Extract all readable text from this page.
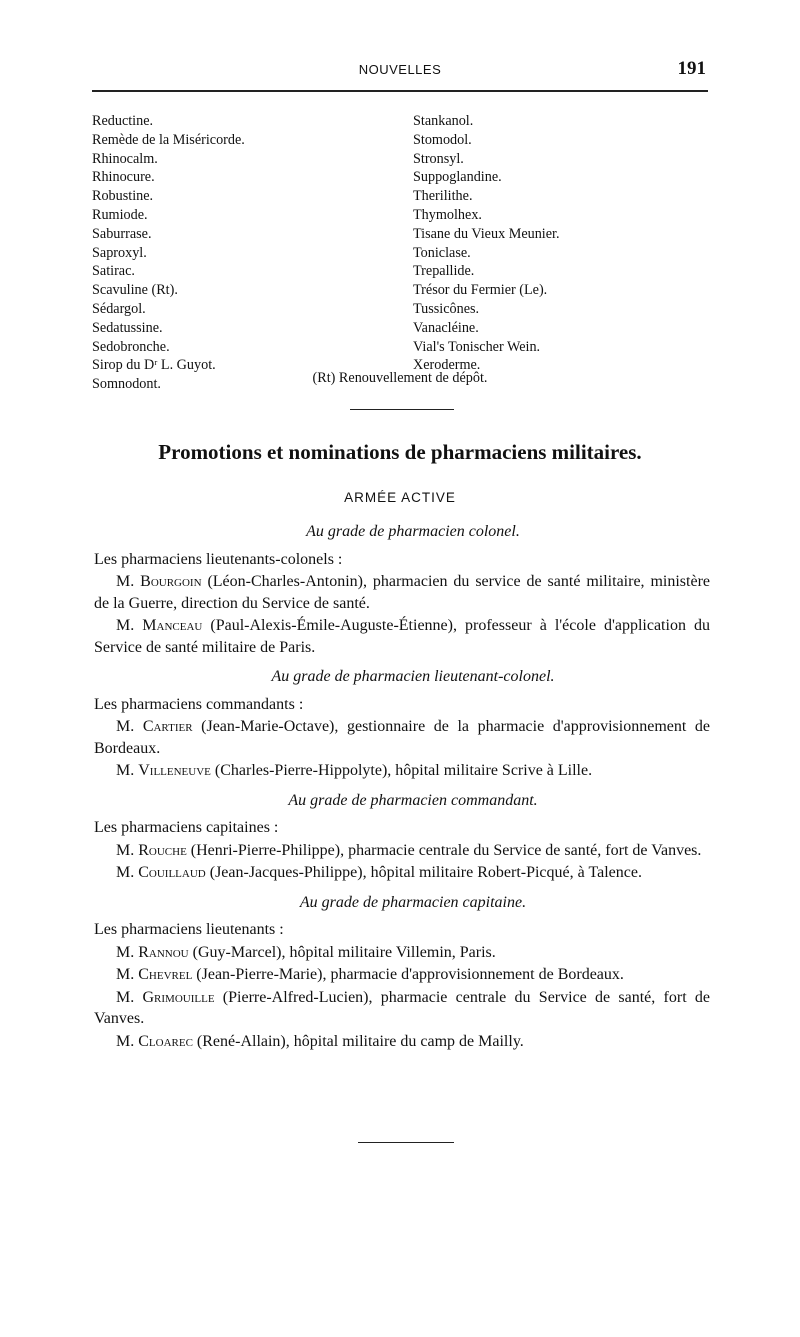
NOUVELLES	191
Reductine.
Remède de la Miséricorde.
Rhinocalm.
Rhinocure.
Robustine.
Rumiode.
Saburrase.
Saproxyl.
Satirac.
Scavuline (Rt).
Sédargol.
Sedatussine.
Sedobronche.
Sirop du Dʳ L. Guyot.
Somnodont.
Stankanol.
Stomodol.
Stronsyl.
Suppoglandine.
Therilithe.
Thymolhex.
Tisane du Vieux Meunier.
Toniclase.
Trepallide.
Trésor du Fermier (Le).
Tussicônes.
Vanacléine.
Vial's Tonischer Wein.
Xeroderme.
(Rt) Renouvellement de dépôt.
Promotions et nominations de pharmaciens militaires.
ARMÉE ACTIVE

Au grade de pharmacien colonel.

Les pharmaciens lieutenants-colonels :

M. Bourgoin (Léon-Charles-Antonin), pharmacien du service de santé militaire, ministère de la Guerre, direction du Service de santé.

M. Manceau (Paul-Alexis-Émile-Auguste-Étienne), professeur à l'école d'application du Service de santé militaire de Paris.

Au grade de pharmacien lieutenant-colonel.

Les pharmaciens commandants :

M. Cartier (Jean-Marie-Octave), gestionnaire de la pharmacie d'approvisionnement de Bordeaux.

M. Villeneuve (Charles-Pierre-Hippolyte), hôpital militaire Scrive à Lille.

Au grade de pharmacien commandant.

Les pharmaciens capitaines :

M. Rouche (Henri-Pierre-Philippe), pharmacie centrale du Service de santé, fort de Vanves.

M. Couillaud (Jean-Jacques-Philippe), hôpital militaire Robert-Picqué, à Talence.

Au grade de pharmacien capitaine.

Les pharmaciens lieutenants :

M. Rannou (Guy-Marcel), hôpital militaire Villemin, Paris.

M. Chevrel (Jean-Pierre-Marie), pharmacie d'approvisionnement de Bordeaux.

M. Grimouille (Pierre-Alfred-Lucien), pharmacie centrale du Service de santé, fort de Vanves.

M. Cloarec (René-Allain), hôpital militaire du camp de Mailly.
